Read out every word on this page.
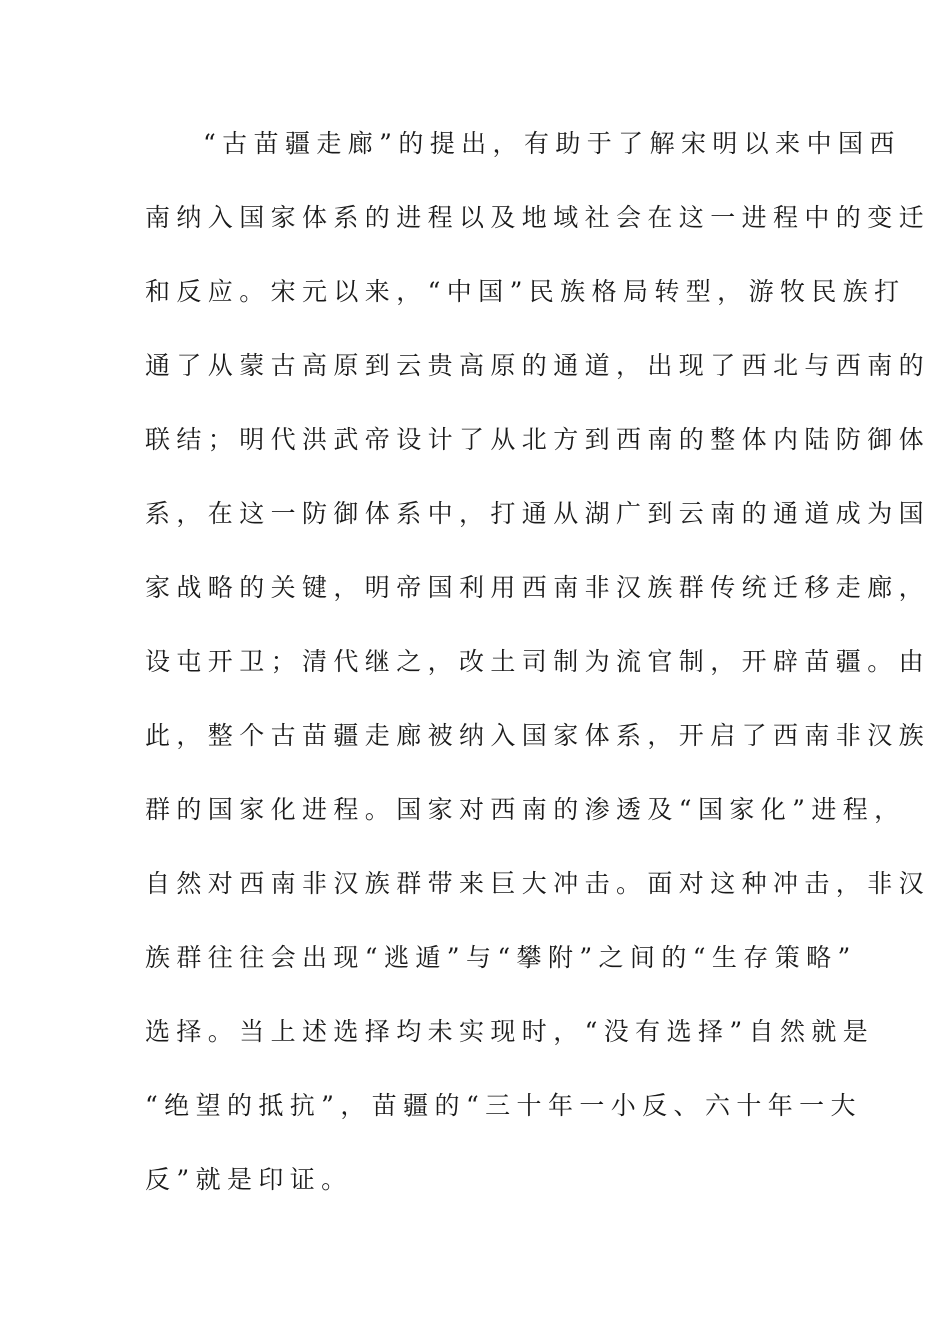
“古苗疆走廊”的提出，有助于了解宋明以来中国西
南纳入国家体系的进程以及地域社会在这一进程中的变迁
和反应。宋元以来，“中国”民族格局转型，游牧民族打
通了从蒙古高原到云贵高原的通道，出现了西北与西南的
联结；明代洪武帝设计了从北方到西南的整体内陆防御体
系，在这一防御体系中，打通从湖广到云南的通道成为国
家战略的关键，明帝国利用西南非汉族群传统迁移走廊，
设屯开卫；清代继之，改土司制为流官制，开辟苗疆。由
此，整个古苗疆走廊被纳入国家体系，开启了西南非汉族
群的国家化进程。国家对西南的渗透及“国家化”进程，
自然对西南非汉族群带来巨大冲击。面对这种冲击，非汉
族群往往会出现“逃遁”与“攀附”之间的“生存策略”
选择。当上述选择均未实现时，“没有选择”自然就是
“绝望的抵抗”，苗疆的“三十年一小反、六十年一大
反”就是印证。
